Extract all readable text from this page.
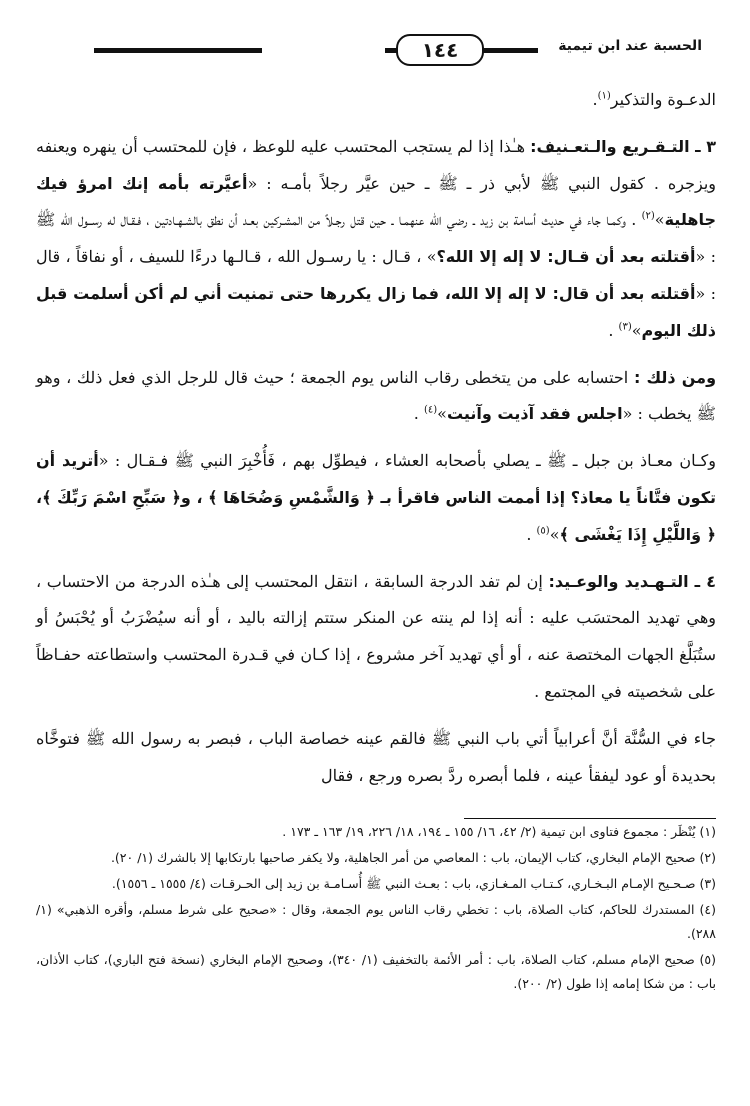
الحسبة عند ابن تيمية
١٤٤

الدعـوة والتذكير$^{(١)}$.

٣ ـ التـقـريع والـتعـنيف: هـٰذا إذا لم يستجب المحتسب عليه للوعظ ، فإن للمحتسب أن ينهره ويعنفه ويزجره . كقول النبي ﷺ لأبي ذر ـ ﷺ ـ حين عيَّر رجلاً بأمـه : «أعيَّرته بأمه إنك امرؤ فيك جاهلية»$^{(٢)}$ . وكمـا جاء في حديث أسامة بن زيد ـ رضي الله عنهمـا ـ حين قتل رجـلاً من المشـركين بعـد أن نطق بالشـهـادتين ، فـقـال له رســول الله ﷺ : «أقتلته بعد أن قـال: لا إله إلا الله؟» ، قـال : يا رسـول الله ، قـالـها درءًا للسيف ، أو نفاقاً ، قال : «أقتلته بعد أن قال: لا إله إلا الله، فما زال يكررها حتى تمنيت أني لم أكن أسلمت قبل ذلك اليوم»$^{(٣)}$ .

ومن ذلك : احتسابه على من يتخطى رقاب الناس يوم الجمعة ؛ حيث قال للرجل الذي فعل ذلك ، وهو ﷺ يخطب : «اجلس فقد آذيت وآنيت»$^{(٤)}$ .

وكـان معـاذ بن جبل ـ ﷺ ـ يصلي بأصحابه العشاء ، فيطوِّل بهم ، فَأُخْبِرَ النبي ﷺ فـقـال : «أتريد أن تكون فتَّاناً يا معاذ؟ إذا أممت الناس فاقرأ بـ ﴿ وَالشَّمْسِ وَضُحَاهَا ﴾ ، و﴿ سَبِّحِ اسْمَ رَبِّكَ ﴾، ﴿ وَاللَّيْلِ إِذَا يَغْشَى ﴾»$^{(٥)}$ .

٤ ـ التـهـديد والوعـيد: إن لم تفد الدرجة السابقة ، انتقل المحتسب إلى هـٰذه الدرجة من الاحتساب ، وهي تهديد المحتسَب عليه : أنه إذا لم ينته عن المنكر ستتم إزالته باليد ، أو أنه سيُضْرَبُ أو يُحْبَسُ أو ستُبَلَّغ الجهات المختصة عنه ، أو أي تهديد آخر مشروع ، إذا كـان في قـدرة المحتسب واستطاعته حفـاظاً على شخصيته في المجتمع .

جاء في السُّنَّة أنَّ أعرابياً أتي باب النبي ﷺ فالقم عينه خصاصة الباب ، فبصر به رسول الله ﷺ فتوخَّاه بحديدة أو عود ليفقأ عينه ، فلما أبصره ردَّ بصره ورجع ، فقال

(١) يُنْظَر : مجموع فتاوى ابن تيمية (٢/ ٤٢، ١٦/ ١٥٥ ـ ١٩٤، ١٨/ ٢٢٦، ١٩/ ١٦٣ ـ ١٧٣ .

(٢) صحيح الإمام البخاري، كتاب الإيمان، باب : المعاصي من أمر الجاهلية، ولا يكفر صاحبها بارتكابها إلا بالشرك (١/ ٢٠).

(٣) صـحـيح الإمـام البـخـاري، كـتـاب المـغـازي، باب : بعـث النبي ﷺ أُسـامـة بن زيد إلى الحـرقـات (٤/ ١٥٥٥ ـ ١٥٥٦).

(٤) المستدرك للحاكم، كتاب الصلاة، باب : تخطي رقاب الناس يوم الجمعة، وقال : «صحيح على شرط مسلم، وأقره الذهبي» (١/ ٢٨٨).

(٥) صحيح الإمام مسلم، كتاب الصلاة، باب : أمر الأئمة بالتخفيف (١/ ٣٤٠)، وصحيح الإمام البخاري (نسخة فتح الباري)، كتاب الأذان، باب : من شكا إمامه إذا طول (٢/ ٢٠٠).
